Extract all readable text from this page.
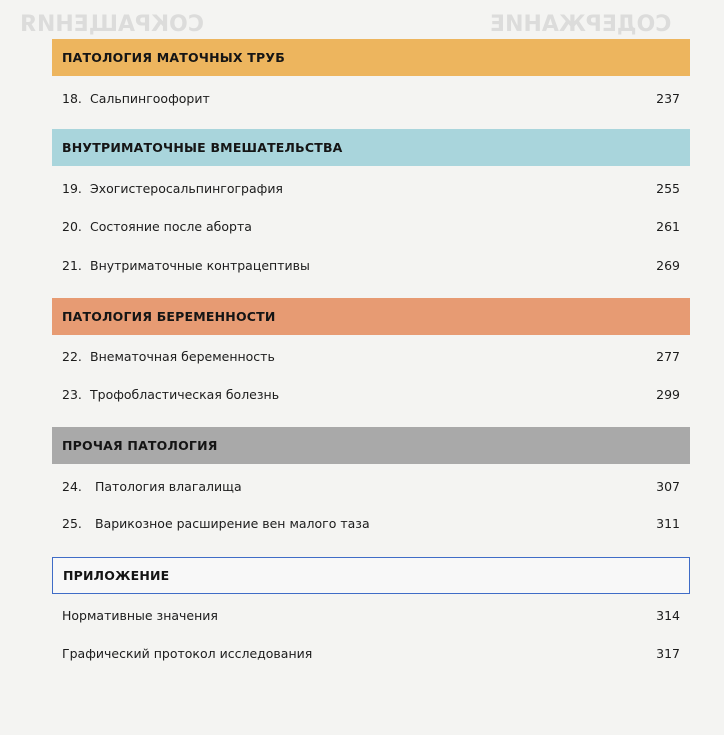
СОКРАЩЕНИЯ	СОДЕРЖАНИЕ
ПАТОЛОГИЯ МАТОЧНЫХ ТРУБ
18. Сальпингоофорит	237
ВНУТРИМАТОЧНЫЕ ВМЕШАТЕЛЬСТВА
19. Эхогистеросальпингография	255
20. Состояние после аборта	261
21. Внутриматочные контрацептивы	269
ПАТОЛОГИЯ БЕРЕМЕННОСТИ
22. Внематочная беременность	277
23. Трофобластическая болезнь	299
ПРОЧАЯ ПАТОЛОГИЯ
24.	Патология влагалища	307
25.	Варикозное расширение вен малого таза	311
ПРИЛОЖЕНИЕ
Нормативные значения	314
Графический протокол исследования	317
